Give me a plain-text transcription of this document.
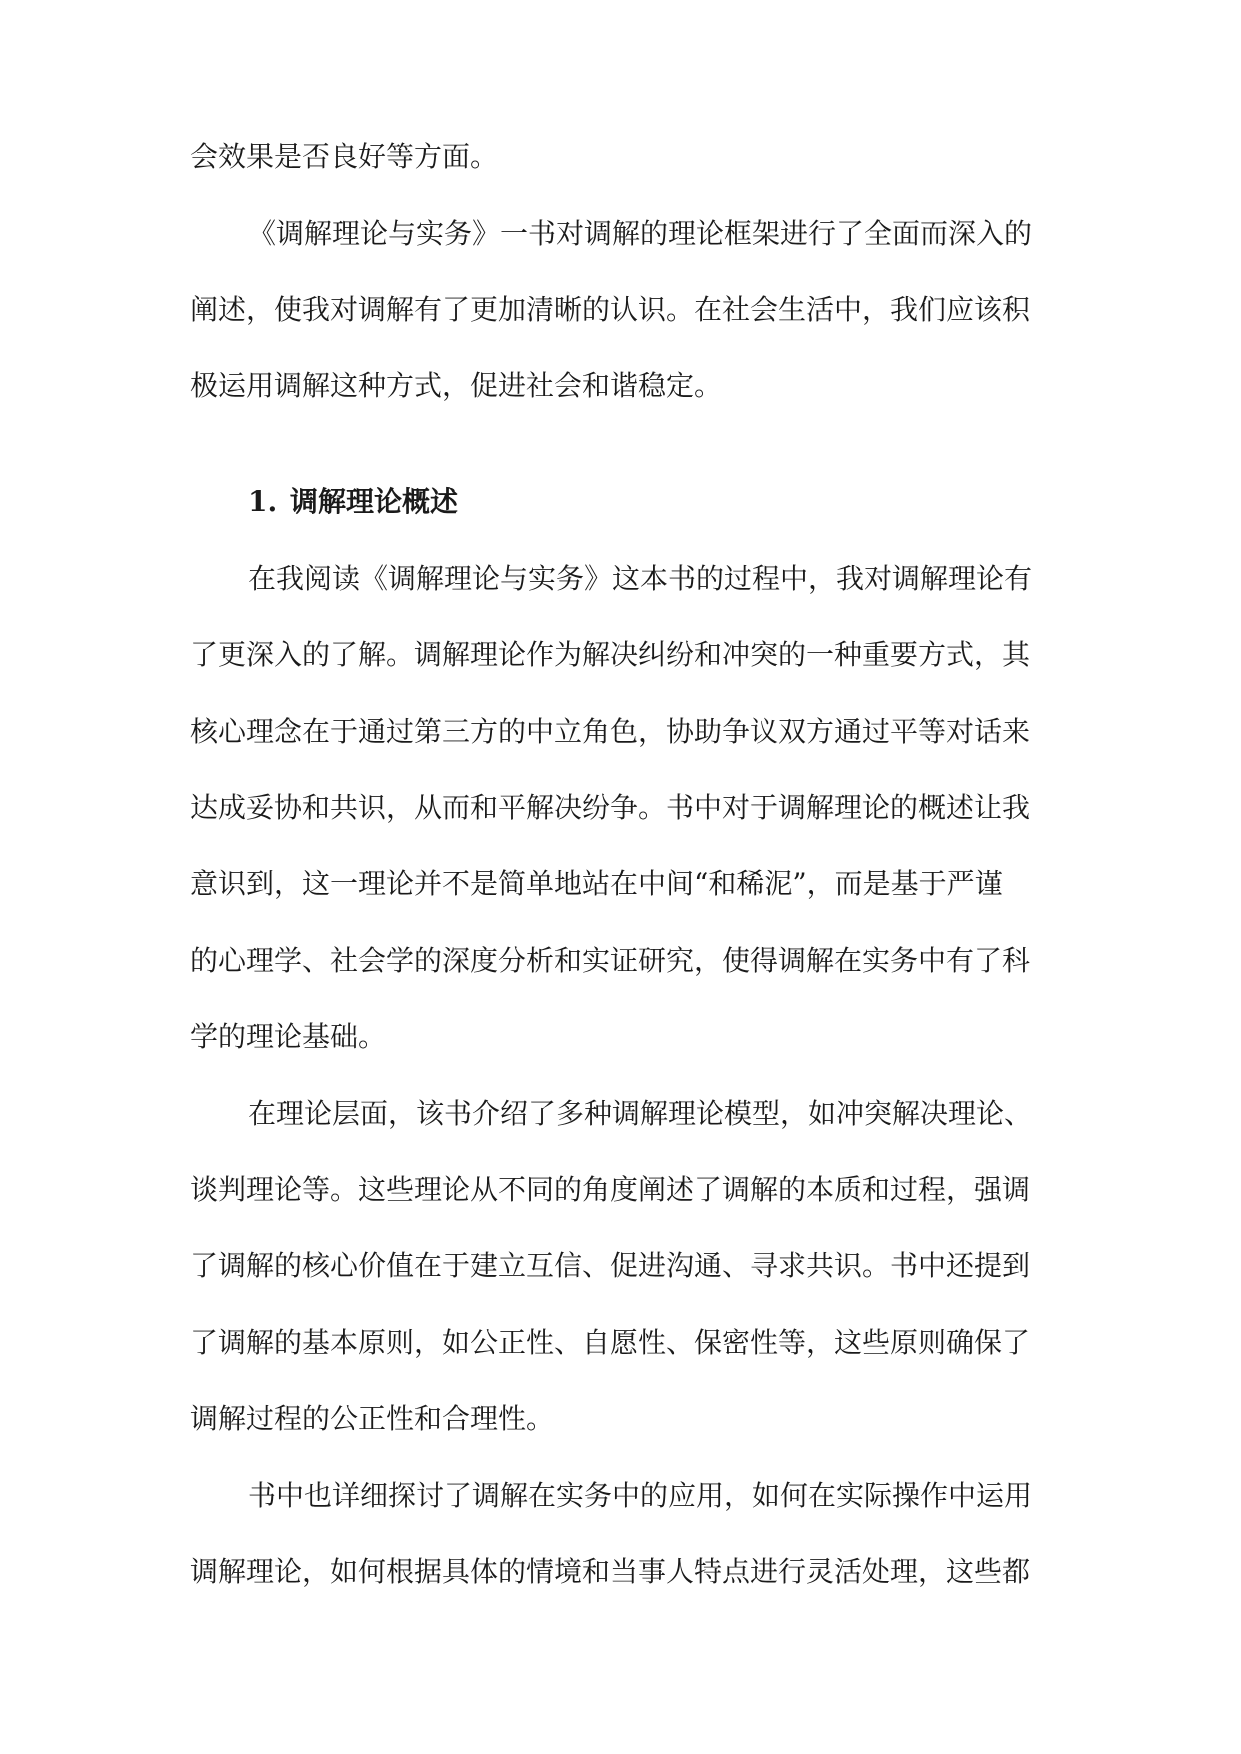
会效果是否良好等方面。
《调解理论与实务》一书对调解的理论框架进行了全面而深入的
阐述，使我对调解有了更加清晰的认识。在社会生活中，我们应该积
极运用调解这种方式，促进社会和谐稳定。
1. 调解理论概述
在我阅读《调解理论与实务》这本书的过程中，我对调解理论有
了更深入的了解。调解理论作为解决纠纷和冲突的一种重要方式，其
核心理念在于通过第三方的中立角色，协助争议双方通过平等对话来
达成妥协和共识，从而和平解决纷争。书中对于调解理论的概述让我
意识到，这一理论并不是简单地站在中间“和稀泥”，而是基于严谨
的心理学、社会学的深度分析和实证研究，使得调解在实务中有了科
学的理论基础。
在理论层面，该书介绍了多种调解理论模型，如冲突解决理论、
谈判理论等。这些理论从不同的角度阐述了调解的本质和过程，强调
了调解的核心价值在于建立互信、促进沟通、寻求共识。书中还提到
了调解的基本原则，如公正性、自愿性、保密性等，这些原则确保了
调解过程的公正性和合理性。
书中也详细探讨了调解在实务中的应用，如何在实际操作中运用
调解理论，如何根据具体的情境和当事人特点进行灵活处理，这些都
